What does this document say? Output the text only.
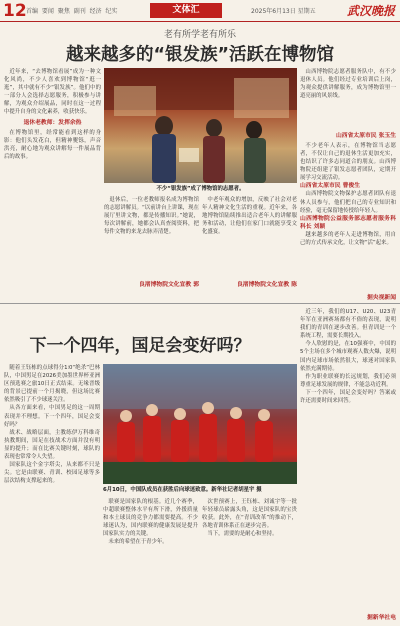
12 首编 要闻 聚焦 副刊 经济 纪实	文体汇	2025年6月13日 星期五	武汉晚报
老有所学老有所乐
越来越多的“银发族”活跃在博物馆

近年来，“去博物馆看展”成为一种文化风尚，不少人喜欢到博物馆“逛一逛”，其中就有不少“银发族”。他们中的一部分人会选择志愿服务，积极参与讲解，为观众介绍展品，同时在这一过程中提升自身的文化素养，收获快乐。

退休老教师：发挥余热

在博物馆里，经常能看到这样的身影：他们头发花白，但精神矍铄，声音洪亮，耐心地为观众讲解每一件展品背后的故事。

不少“银发族”成了博物馆的志愿者。

退休后，一位老教师报名成为博物馆的志愿讲解员。“以前讲台上讲课，现在展厅里讲文物，都是传播知识。”她说，每次讲解前，她都会认真查阅资料，把每件文物的来龙去脉弄清楚。

良渚博物院文化宣教 郭

中老年观众的增加，反映了社会对老年人精神文化生活的重视。近年来，各地博物馆陆续推出适合老年人的讲解服务和活动，让他们在家门口就能享受文化盛宴。

良渚博物院文化宣教 陈

山西博物院志愿者服务队中，有不少退休人员。他们经过专业培训后上岗，为观众提供讲解服务，成为博物馆里一道亮丽的风景线。

山西省太原市民 张玉生

不少老年人表示，在博物馆当志愿者，不仅让自己的退休生活更加充实，也结识了许多志同道合的朋友。山西博物院还组建了银发志愿者团队，定期开展学习交流活动。

山西省太原市民 曹俊生

山西博物院文物保护志愿者团队有退休人员参与，他们把自己的专业知识和经验，毫无保留地传授给年轻人。

山西博物院公益服务部志愿者服务科科长 刘颖

越来越多的老年人走进博物馆，用自己的方式传承文化，让文物“活”起来。

据央视新闻
下一个四年，国足会变好吗？

随着王钰栋的点球得分1∶0“绝杀”巴林队，中国男足在2026美加墨世界杯亚洲区预选赛之旅10日正式结束。无缘晋级的背景已提前一个月揭晓，但这场比赛依然吸引了不少球迷关注。

从各方面来看，中国男足的这一周期表现并不理想。下一个四年，国足会变好吗？

战术、战略层面，主教练伊万科维奇执教期间，国足在技战术方面并没有明显的提升；而在比赛关键时刻，球队的表现也常常令人失望。

国家队这个金字塔尖，从来都不只是尖。它是由联赛、青训、校园足球等多层次结构支撑起来的。

6月10日，中国队成员在获胜后向球迷致意。新华社记者胡星宇 摄

联赛是国家队的根基。近几个赛季，中超联赛整体水平有所下滑，外援质量和本土球员的竞争力都需要提高。不少球迷认为，国内联赛的健康发展是提升国家队实力的关键。

未来的希望在于青少年。

次世预赛上，王钰栋、刘诚宇等一批年轻球员崭露头角，这是国家队的宝贵收获。此外，在“青训改革”的推动下，各地青训体系正在逐步完善。

当下，需要的是耐心和坚持。

近三年，我们的U17、U20、U23青年军在亚洲赛场都有不俗的表现，说明我们的青训在逐步改善。但青训是一个系统工程，需要长期投入。

今人欣慰的是，在10强赛中，中国的5个主场在多个城市观赛人数火爆，说明国内足球市场依然很大，球迷对国家队依然充满期待。

作为职业联赛的长远规划，我们必须尊重足球发展的规律，不能急功近利。

下一个四年，国足会变好吗？答案或许还需要时间来回答。

据新华社电
